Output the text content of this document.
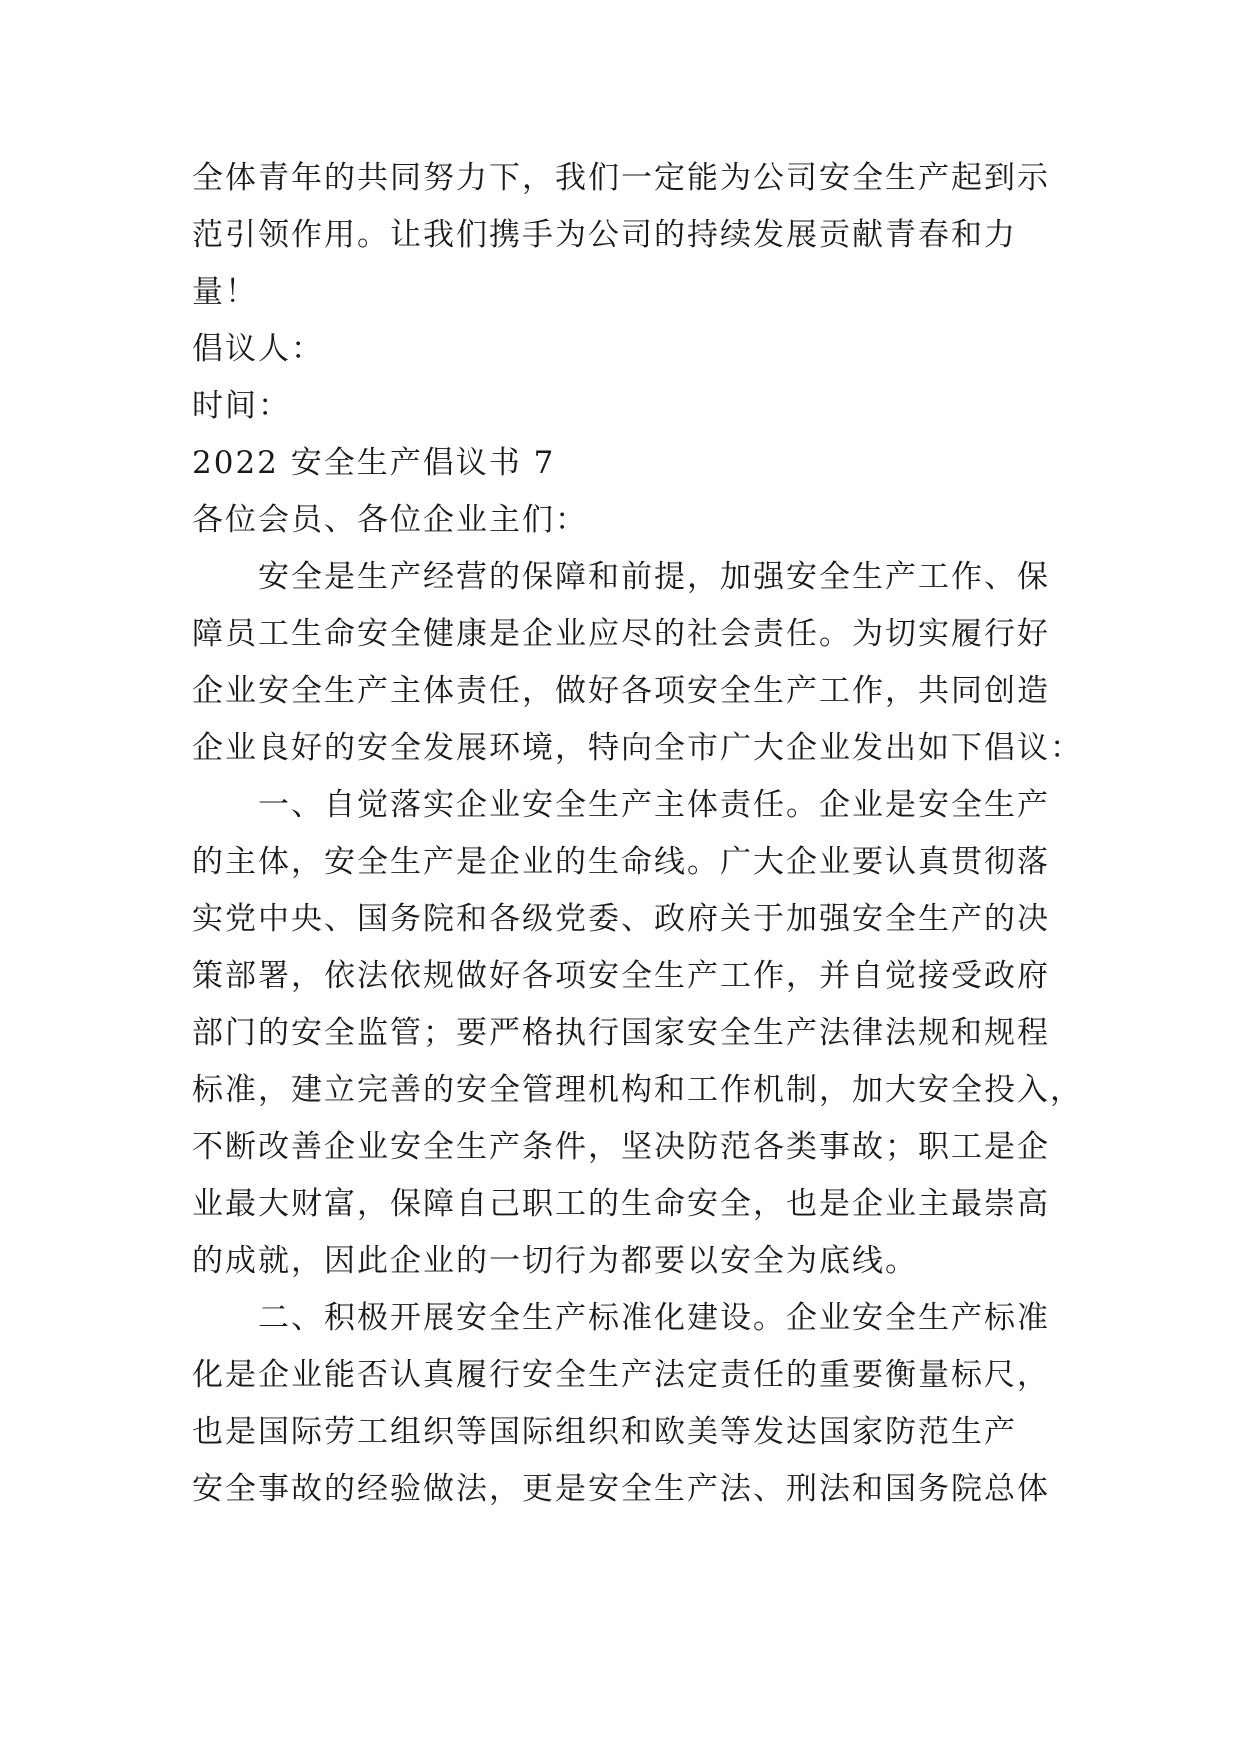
全体青年的共同努力下，我们一定能为公司安全生产起到示
范引领作用。让我们携手为公司的持续发展贡献青春和力
量！
倡议人：
时间：
2022 安全生产倡议书 7
各位会员、各位企业主们：
安全是生产经营的保障和前提，加强安全生产工作、保
障员工生命安全健康是企业应尽的社会责任。为切实履行好
企业安全生产主体责任，做好各项安全生产工作，共同创造
企业良好的安全发展环境，特向全市广大企业发出如下倡议：
一、自觉落实企业安全生产主体责任。企业是安全生产
的主体，安全生产是企业的生命线。广大企业要认真贯彻落
实党中央、国务院和各级党委、政府关于加强安全生产的决
策部署，依法依规做好各项安全生产工作，并自觉接受政府
部门的安全监管；要严格执行国家安全生产法律法规和规程
标准，建立完善的安全管理机构和工作机制，加大安全投入，
不断改善企业安全生产条件，坚决防范各类事故；职工是企
业最大财富，保障自己职工的生命安全，也是企业主最崇高
的成就，因此企业的一切行为都要以安全为底线。
二、积极开展安全生产标准化建设。企业安全生产标准
化是企业能否认真履行安全生产法定责任的重要衡量标尺，
也是国际劳工组织等国际组织和欧美等发达国家防范生产
安全事故的经验做法，更是安全生产法、刑法和国务院总体
